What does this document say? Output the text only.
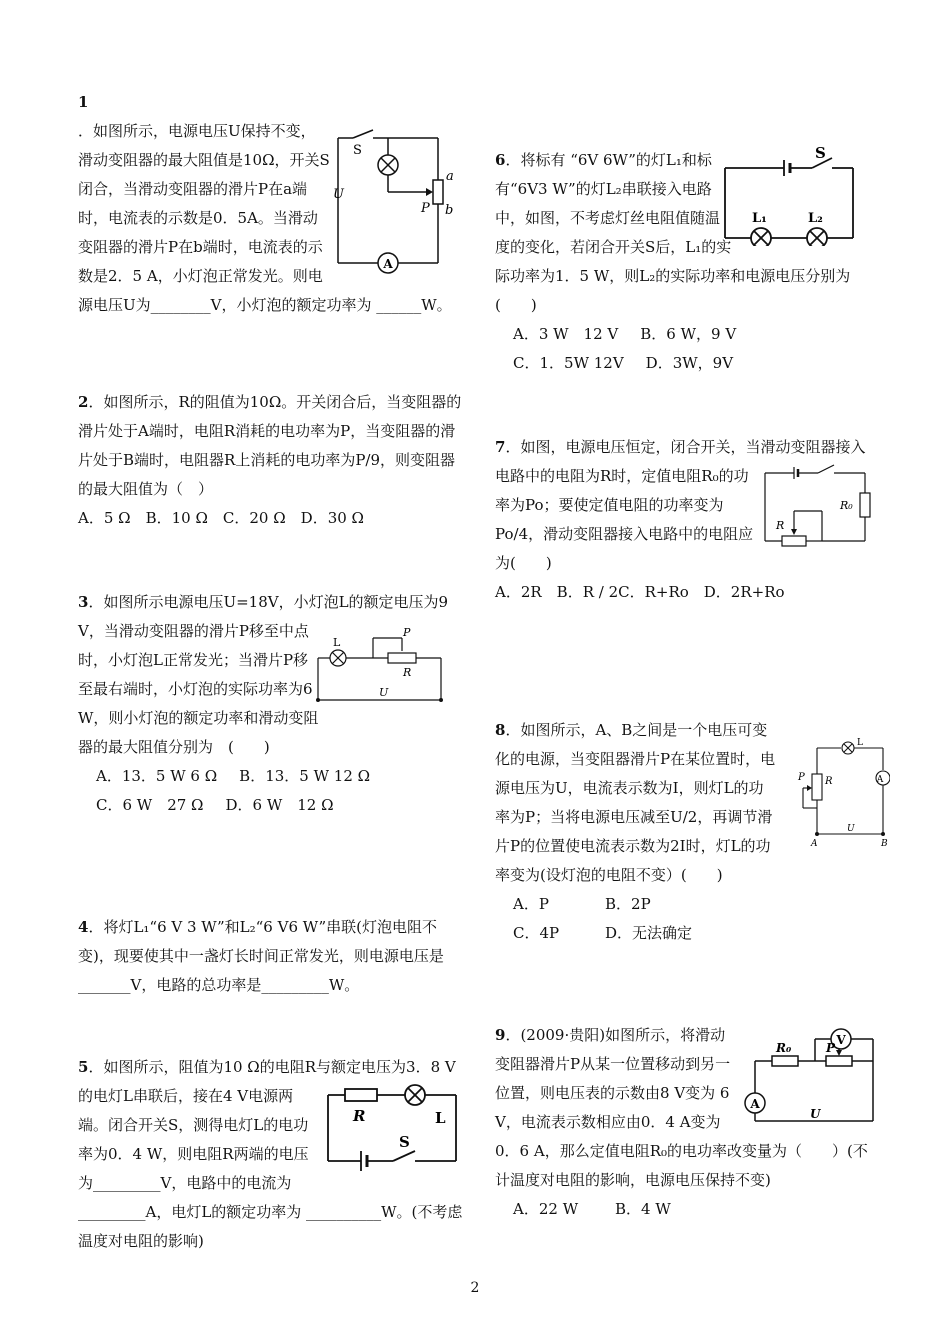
A
S
U
P
a
b

1
．如图所示，电源电压U保持不变，滑动变阻器的最大阻值是10Ω，开关S闭合，当滑动变阻器的滑片P在a端时，电流表的示数是0．5A。当滑动变阻器的滑片P在b端时，电流表的示数是2．5 A，小灯泡正常发光。则电源电压U为________V，小灯泡的额定功率为 ______W。

2．如图所示，R的阻值为10Ω。开关闭合后，当变阻器的滑片处于A端时，电阻R消耗的电功率为P，当变阻器的滑片处于B端时，电阻器R上消耗的电功率为P/9，则变阻器的最大阻值为（　）

A．5 Ω　B．10 Ω　C．20 Ω　D．30 Ω

L
P
R
U

3．如图所示电源电压U=18V，小灯泡L的额定电压为9 V，当滑动变阻器的滑片P移至中点时，小灯泡L正常发光；当滑片P移至最右端时，小灯泡的实际功率为6 W，则小灯泡的额定功率和滑动变阻器的最大阻值分别为　(　　)

A．13．5 W 6 Ω B．13．5 W 12 Ω
C．6 W　27 Ω D．6 W　12 Ω

4．将灯L₁“6 V 3 W”和L₂“6 V6 W”串联(灯泡电阻不变)，现要使其中一盏灯长时间正常发光，则电源电压是_______V，电路的总功率是_________W。

R	L
S

5．如图所示，阻值为10 Ω的电阻R与额定电压为3．8 V的电灯L串联后，接在4 V电源两端。闭合开关S，测得电灯L的电功率为0．4 W，则电阻R两端的电压为_________V，电路中的电流为_________A，电灯L的额定功率为 __________W。(不考虑温度对电阻的影响)

S
L₁	L₂

6．将标有 “6V 6W”的灯L₁和标有“6V3 W”的灯L₂串联接入电路中，如图，不考虑灯丝电阻值随温度的变化，若闭合开关S后，L₁的实际功率为1．5 W，则L₂的实际功率和电源电压分别为 (　　)

A．3 W　12 V B．6 W，9 V
C．1．5W 12V D．3W，9V
R
R₀

7．如图，电源电压恒定，闭合开关，当滑动变阻器接入电路中的电阻为R时，定值电阻R₀的功率为Po；要使定值电阻的功率变为Po/4，滑动变阻器接入电路中的电阻应为(　　)

A．2R　B．R / 2C．R+Ro　D．2R+Ro

A
L
P R
U
A	B

8．如图所示，A、B之间是一个电压可变化的电源，当变阻器滑片P在某位置时，电源电压为U，电流表示数为I，则灯L的功率为P；当将电源电压减至U/2，再调节滑片P的位置使电流表示数为2I时，灯L的功率变为(设灯泡的电阻不变）(　　)

A．P	B．2P
C．4P	D．无法确定
V
A
R₀	P
U

9．(2009·贵阳)如图所示，将滑动变阻器滑片P从某一位置移动到另一位置，则电压表的示数由8 V变为 6 V，电流表示数相应由0．4 A变为0．6 A，那么定值电阻R₀的电功率改变量为（　　）(不计温度对电阻的影响，电源电压保持不变)

A．22 W B．4 W
2
